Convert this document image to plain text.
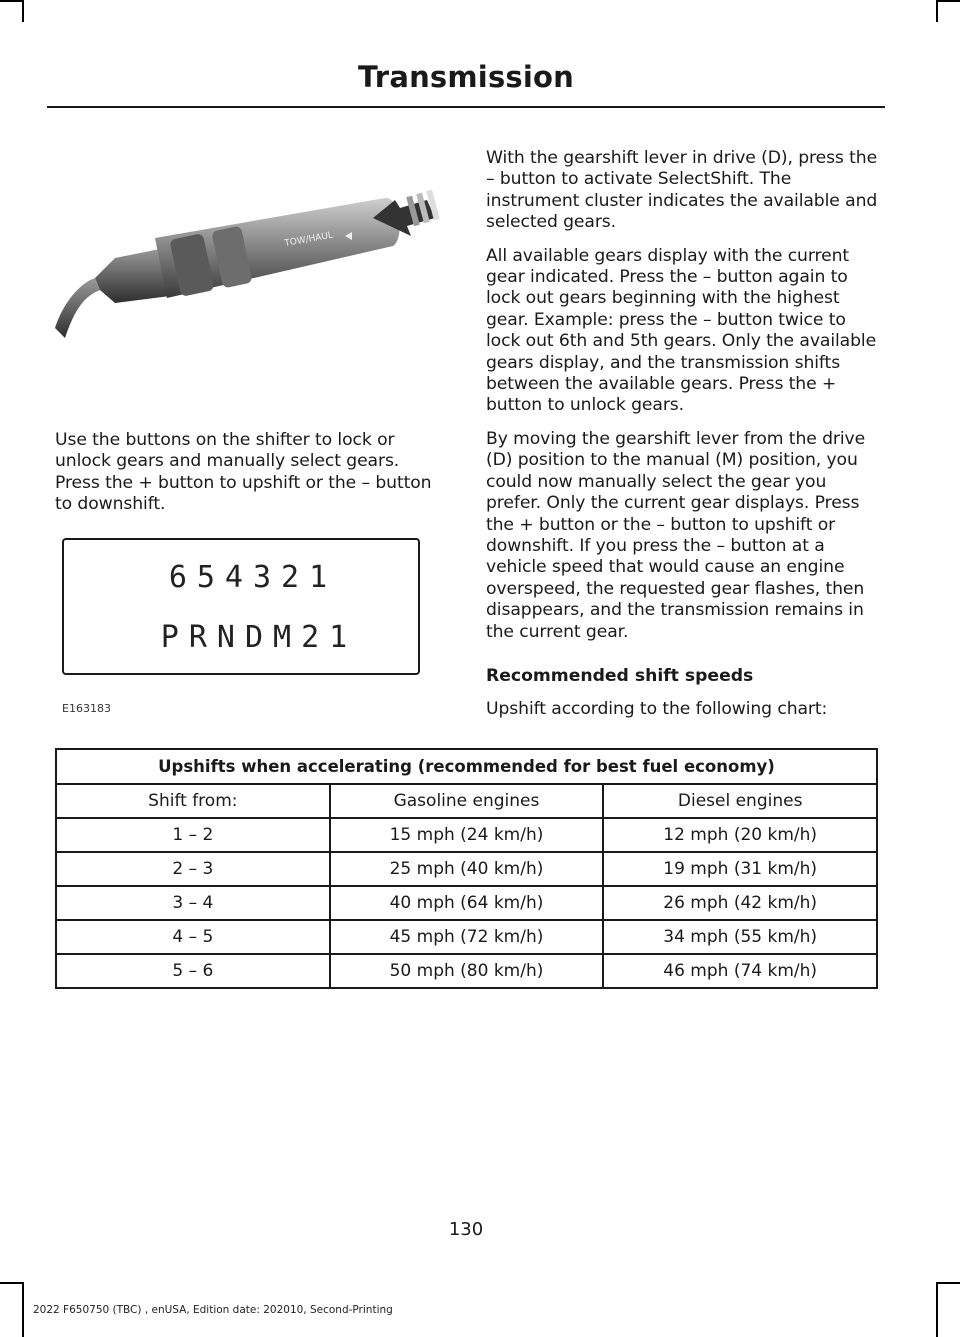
Transmission
TOW/HAUL

Use the buttons on the shifter to lock or unlock gears and manually select gears. Press the + button to upshift or the – button to downshift.

654321
PRNDM21
E163183

With the gearshift lever in drive (D), press the – button to activate SelectShift. The instrument cluster indicates the available and selected gears.

All available gears display with the current gear indicated. Press the – button again to lock out gears beginning with the highest gear. Example: press the – button twice to lock out 6th and 5th gears. Only the available gears display, and the transmission shifts between the available gears. Press the + button to unlock gears.

By moving the gearshift lever from the drive (D) position to the manual (M) position, you could now manually select the gear you prefer. Only the current gear displays. Press the + button or the – button to upshift or downshift. If you press the – button at a vehicle speed that would cause an engine overspeed, the requested gear flashes, then disappears, and the transmission remains in the current gear.

Recommended shift speeds

Upshift according to the following chart:

Upshifts when accelerating (recommended for best fuel economy)		
Shift from:	Gasoline engines	Diesel engines
1 – 2	15 mph (24 km/h)	12 mph (20 km/h)
2 – 3	25 mph (40 km/h)	19 mph (31 km/h)
3 – 4	40 mph (64 km/h)	26 mph (42 km/h)
4 – 5	45 mph (72 km/h)	34 mph (55 km/h)
5 – 6	50 mph (80 km/h)	46 mph (74 km/h)
130
2022 F650750 (TBC) , enUSA, Edition date: 202010, Second-Printing
